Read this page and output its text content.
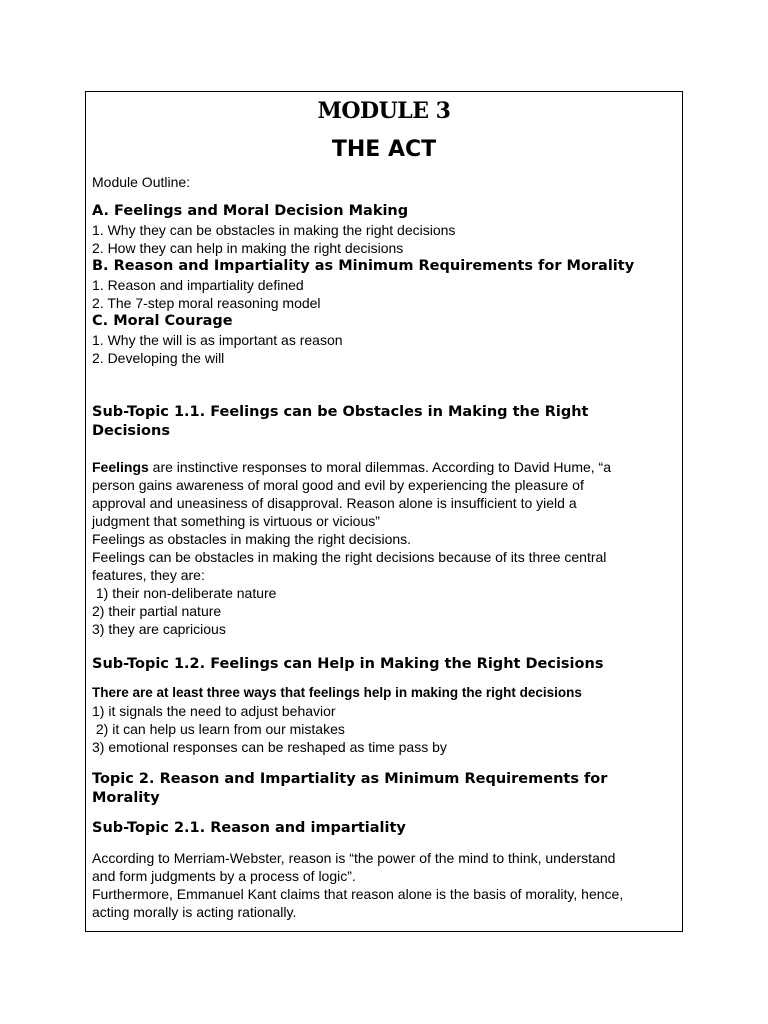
MODULE 3
THE ACT
Module Outline:
A. Feelings and Moral Decision Making
1. Why they can be obstacles in making the right decisions
2. How they can help in making the right decisions
B. Reason and Impartiality as Minimum Requirements for Morality
1. Reason and impartiality defined
2. The 7-step moral reasoning model
C. Moral Courage
1. Why the will is as important as reason
2. Developing the will
Sub-Topic 1.1. Feelings can be Obstacles in Making the Right
Decisions
Feelings are instinctive responses to moral dilemmas. According to David Hume, “a
person gains awareness of moral good and evil by experiencing the pleasure of
approval and uneasiness of disapproval. Reason alone is insufficient to yield a
judgment that something is virtuous or vicious”
Feelings as obstacles in making the right decisions.
Feelings can be obstacles in making the right decisions because of its three central
features, they are:
1) their non-deliberate nature
2) their partial nature
3) they are capricious
Sub-Topic 1.2. Feelings can Help in Making the Right Decisions
There are at least three ways that feelings help in making the right decisions
1) it signals the need to adjust behavior
2) it can help us learn from our mistakes
3) emotional responses can be reshaped as time pass by
Topic 2. Reason and Impartiality as Minimum Requirements for
Morality
Sub-Topic 2.1. Reason and impartiality
According to Merriam-Webster, reason is “the power of the mind to think, understand
and form judgments by a process of logic”.
Furthermore, Emmanuel Kant claims that reason alone is the basis of morality, hence,
acting morally is acting rationally.
